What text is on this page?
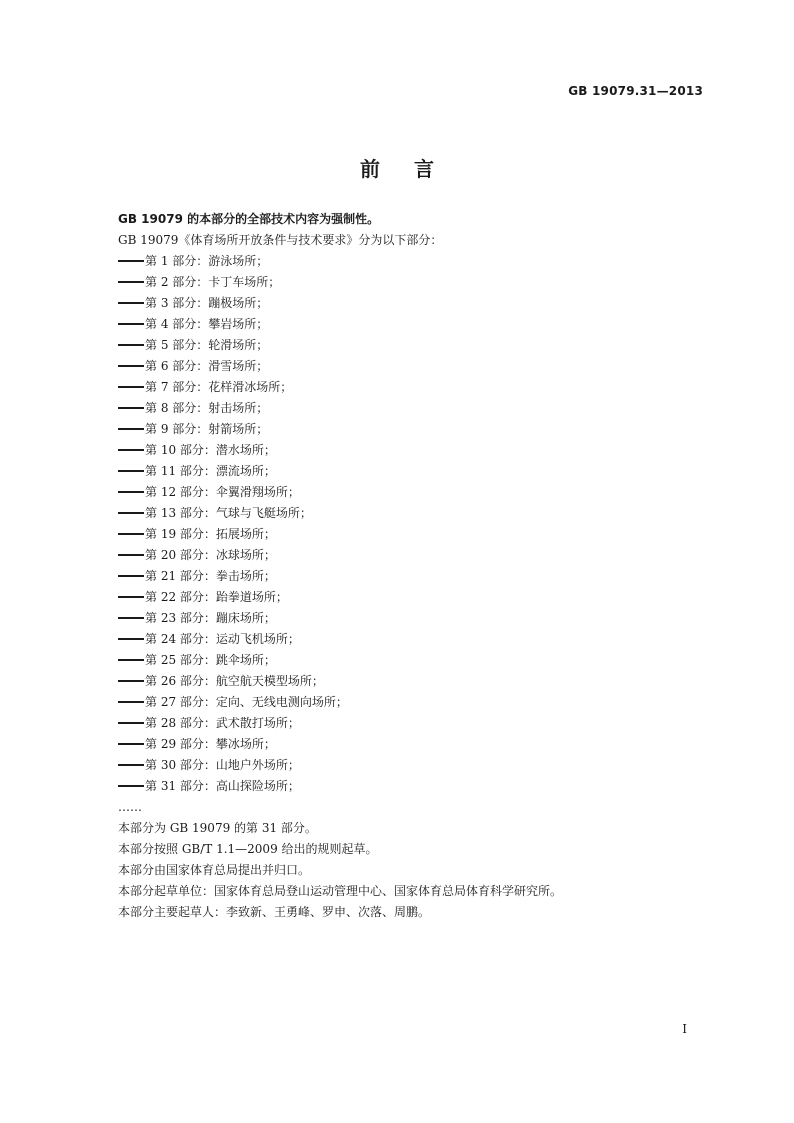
GB 19079.31—2013
前言
GB 19079 的本部分的全部技术内容为强制性。
GB 19079《体育场所开放条件与技术要求》分为以下部分：
第 1 部分：游泳场所；
第 2 部分：卡丁车场所；
第 3 部分：蹦极场所；
第 4 部分：攀岩场所；
第 5 部分：轮滑场所；
第 6 部分：滑雪场所；
第 7 部分：花样滑冰场所；
第 8 部分：射击场所；
第 9 部分：射箭场所；
第 10 部分：潜水场所；
第 11 部分：漂流场所；
第 12 部分：伞翼滑翔场所；
第 13 部分：气球与飞艇场所；
第 19 部分：拓展场所；
第 20 部分：冰球场所；
第 21 部分：拳击场所；
第 22 部分：跆拳道场所；
第 23 部分：蹦床场所；
第 24 部分：运动飞机场所；
第 25 部分：跳伞场所；
第 26 部分：航空航天模型场所；
第 27 部分：定向、无线电测向场所；
第 28 部分：武术散打场所；
第 29 部分：攀冰场所；
第 30 部分：山地户外场所；
第 31 部分：高山探险场所；
……
本部分为 GB 19079 的第 31 部分。
本部分按照 GB/T 1.1—2009 给出的规则起草。
本部分由国家体育总局提出并归口。
本部分起草单位：国家体育总局登山运动管理中心、国家体育总局体育科学研究所。
本部分主要起草人：李致新、王勇峰、罗申、次落、周鹏。
I
